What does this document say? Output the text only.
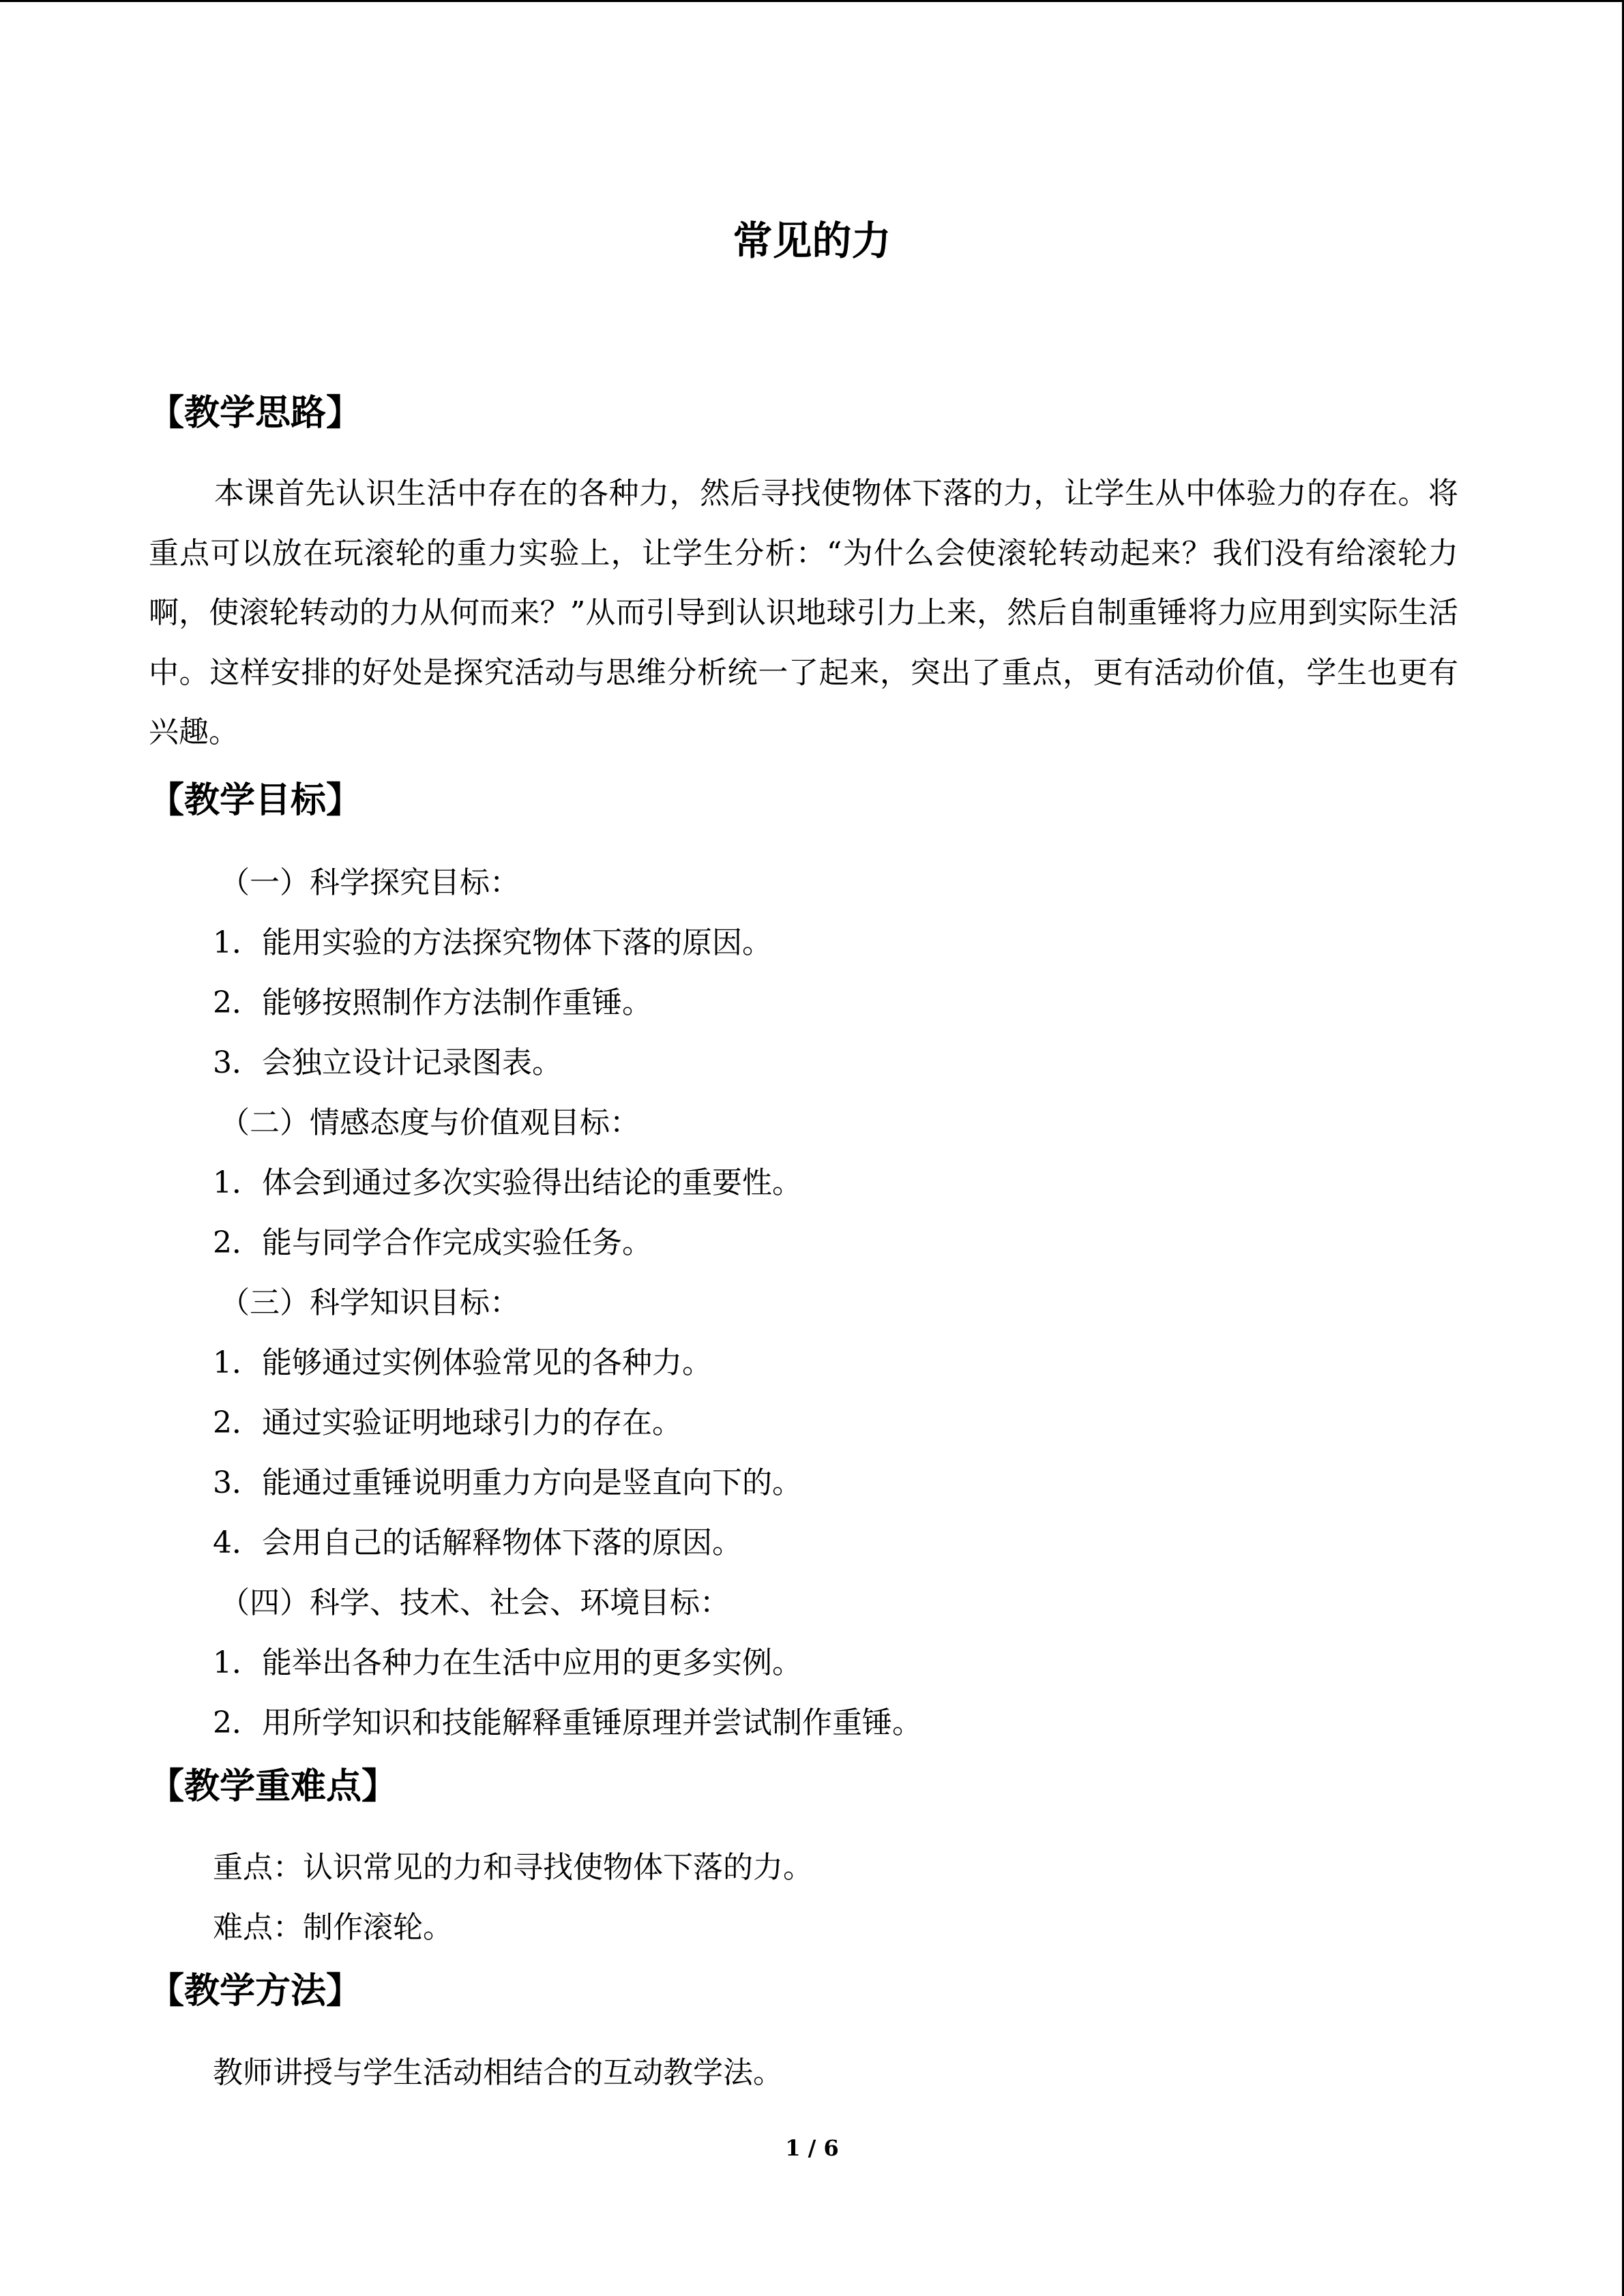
常见的力
【教学思路】
本课首先认识生活中存在的各种力，然后寻找使物体下落的力，让学生从中体验力的存在。将重点可以放在玩滚轮的重力实验上，让学生分析：“为什么会使滚轮转动起来？我们没有给滚轮力啊，使滚轮转动的力从何而来？”从而引导到认识地球引力上来，然后自制重锤将力应用到实际生活中。这样安排的好处是探究活动与思维分析统一了起来，突出了重点，更有活动价值，学生也更有兴趣。
【教学目标】
（一）科学探究目标：
1．能用实验的方法探究物体下落的原因。
2．能够按照制作方法制作重锤。
3．会独立设计记录图表。
（二）情感态度与价值观目标：
1．体会到通过多次实验得出结论的重要性。
2．能与同学合作完成实验任务。
（三）科学知识目标：
1．能够通过实例体验常见的各种力。
2．通过实验证明地球引力的存在。
3．能通过重锤说明重力方向是竖直向下的。
4．会用自己的话解释物体下落的原因。
（四）科学、技术、社会、环境目标：
1．能举出各种力在生活中应用的更多实例。
2．用所学知识和技能解释重锤原理并尝试制作重锤。
【教学重难点】
重点：认识常见的力和寻找使物体下落的力。
难点：制作滚轮。
【教学方法】
教师讲授与学生活动相结合的互动教学法。
1 / 6
